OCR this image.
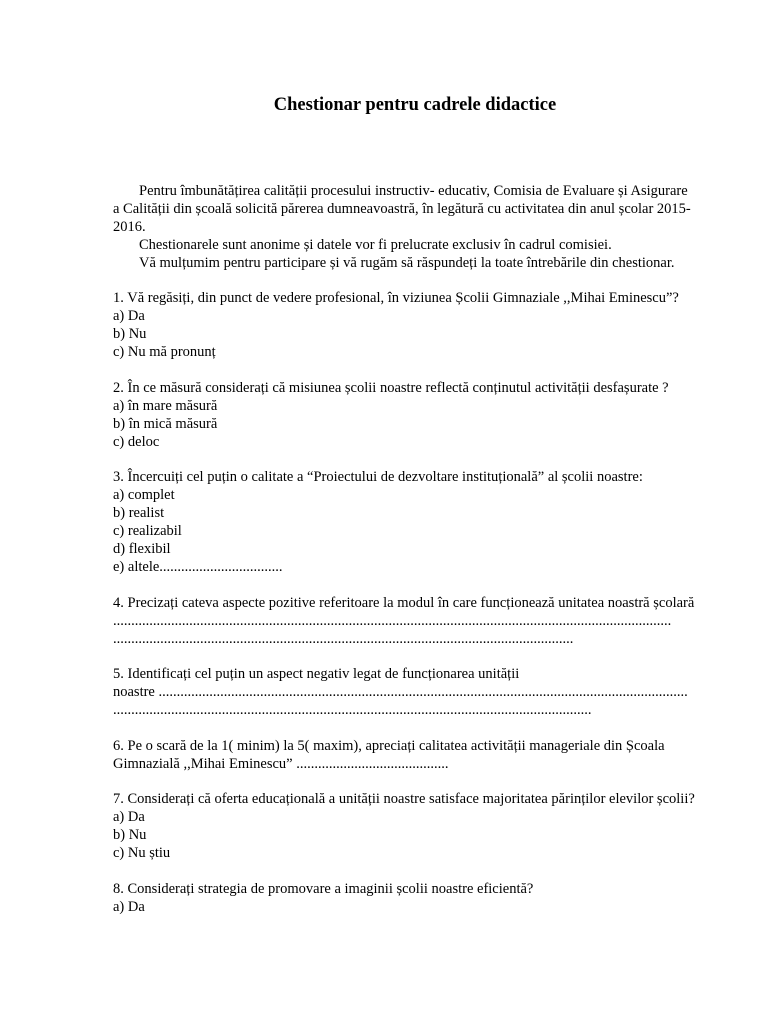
Chestionar pentru cadrele didactice
Pentru îmbunătățirea calității procesului instructiv- educativ, Comisia de Evaluare și Asigurare
a Calității din școală solicită părerea dumneavoastră, în legătură cu activitatea din anul școlar 2015-
2016.
Chestionarele sunt anonime și datele vor fi prelucrate exclusiv în cadrul comisiei.
Vă mulțumim pentru participare și vă rugăm să răspundeți la toate întrebările din chestionar.
1. Vă regăsiți, din punct de vedere profesional, în viziunea Școlii Gimnaziale ,,Mihai Eminescu”?
a) Da
b) Nu
c) Nu mă pronunț
2. În ce măsură considerați că misiunea școlii noastre reflectă conținutul activității desfașurate ?
a) în mare măsură
b) în mică măsură
c) deloc
3. Încercuiți cel puțin o calitate a “Proiectului de dezvoltare instituțională” al școlii noastre:
a) complet
b) realist
c) realizabil
d) flexibil
e) altele..................................
4. Precizați cateva aspecte pozitive referitoare la modul în care funcționează unitatea noastră școlară
..........................................................................................................................................................
...............................................................................................................................
5. Identificați cel puțin un aspect negativ legat de funcționarea unității
noastre ..................................................................................................................................................
....................................................................................................................................
6. Pe o scară de la 1( minim) la 5( maxim), apreciați calitatea activității manageriale din Școala
Gimnazială ,,Mihai Eminescu” ..........................................
7. Considerați că oferta educațională a unității noastre satisface majoritatea părinților elevilor școlii?
a) Da
b) Nu
c) Nu știu
8. Considerați strategia de promovare a imaginii școlii noastre eficientă?
a) Da
